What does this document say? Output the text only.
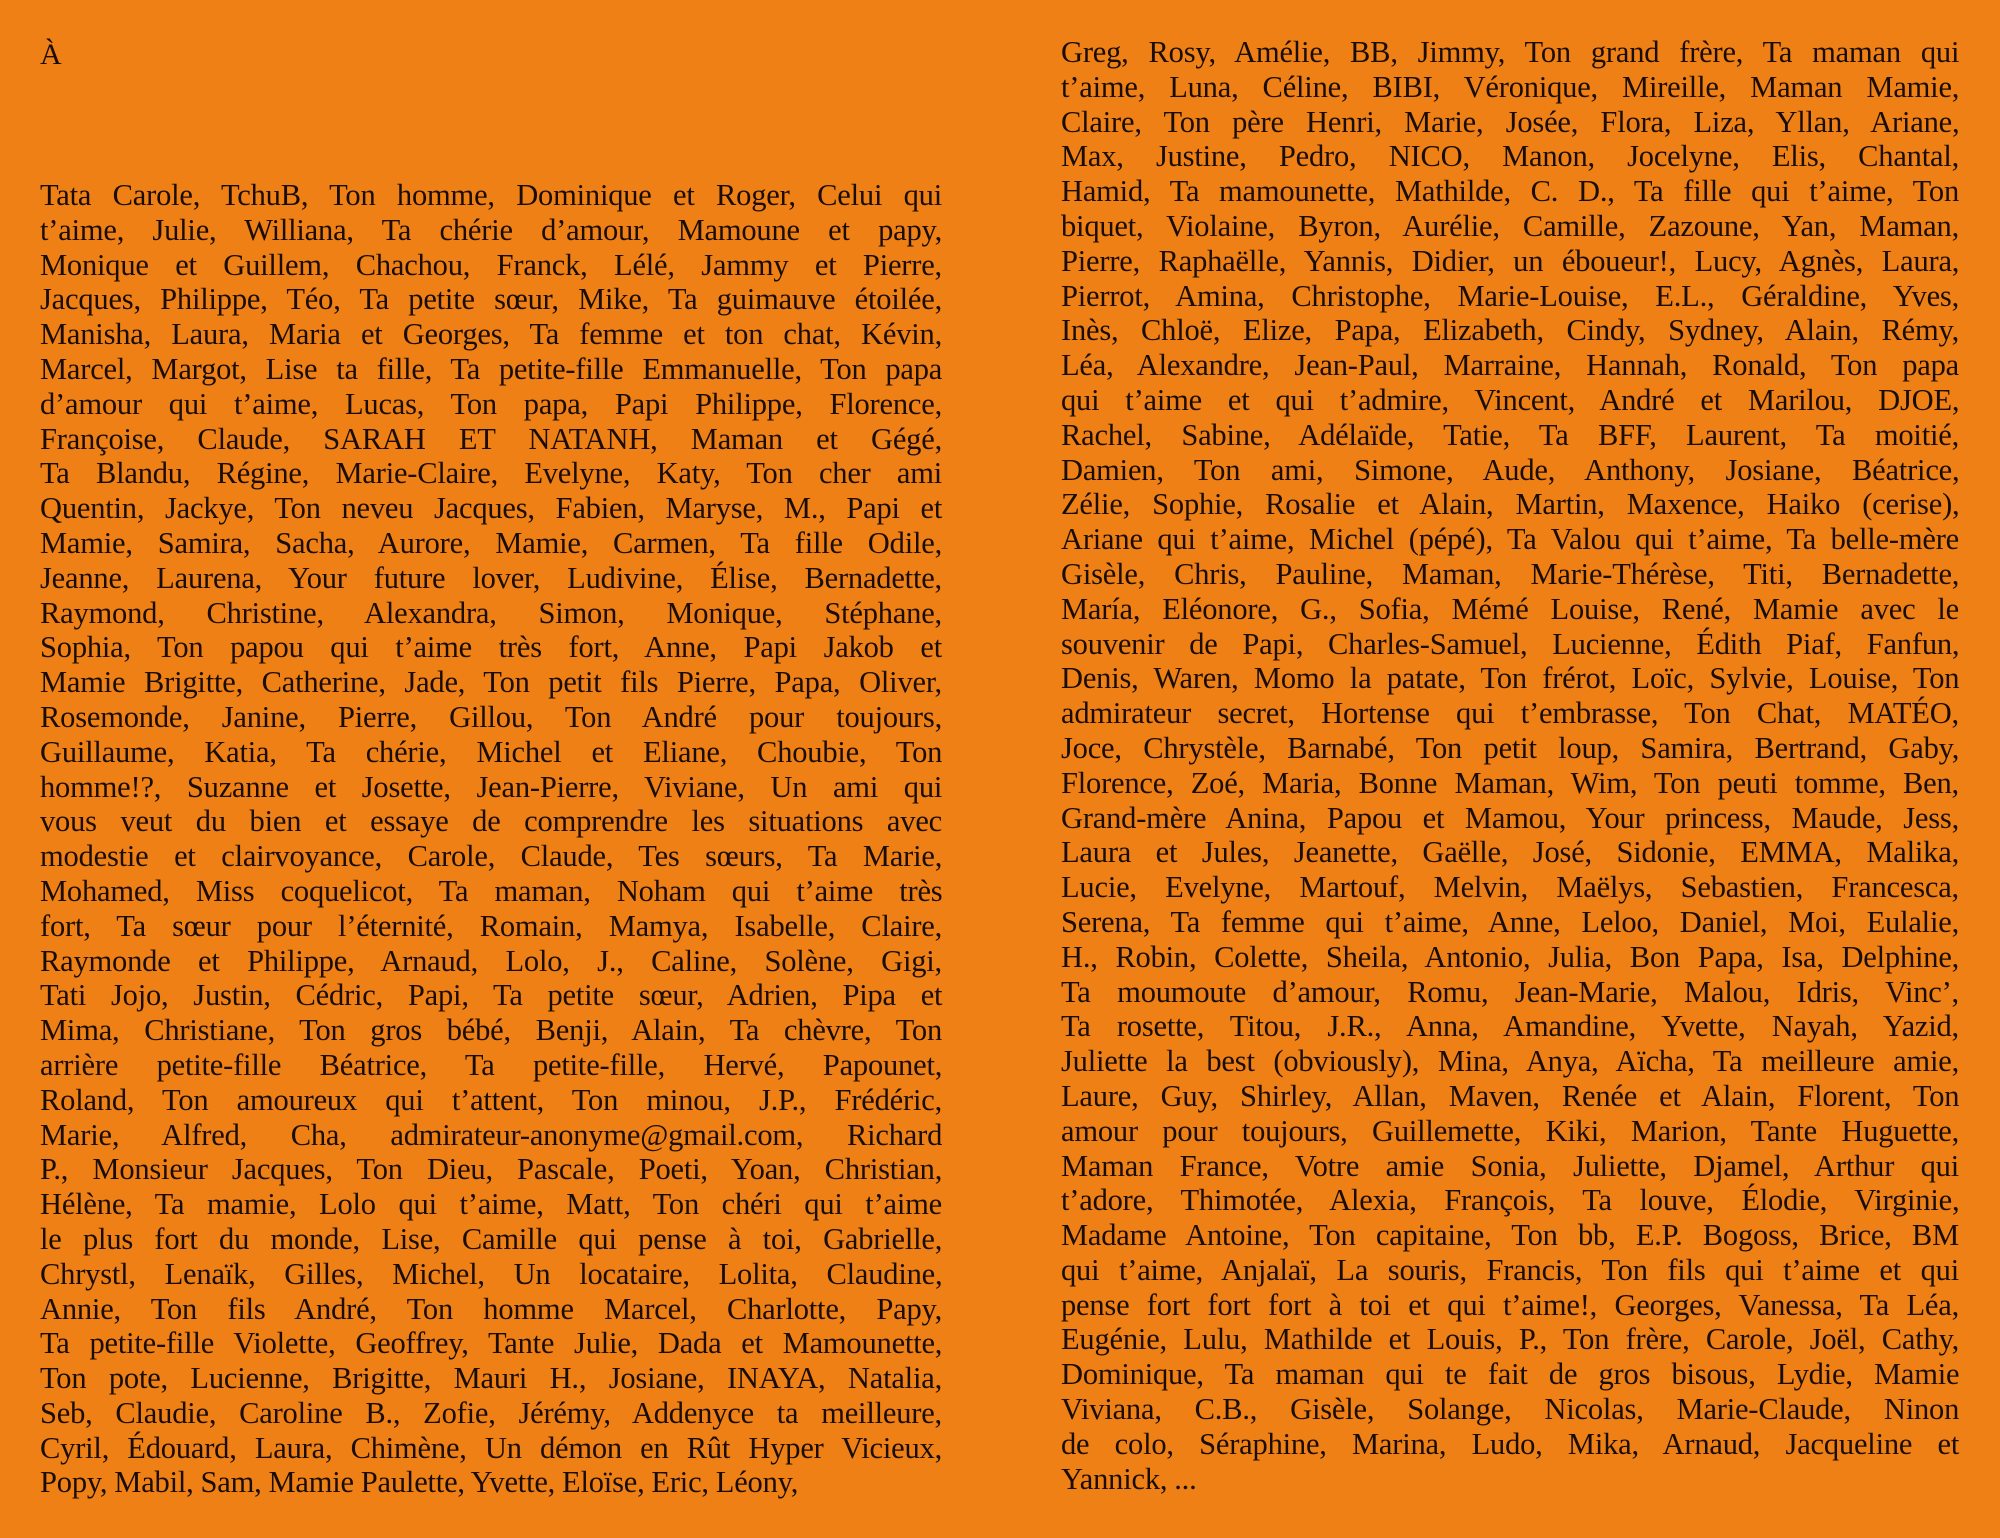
À

Tata Carole, TchuB, Ton homme, Dominique et Roger, Celui qui
t’aime, Julie, Williana, Ta chérie d’amour, Mamoune et papy,
Monique et Guillem, Chachou, Franck, Lélé, Jammy et Pierre,
Jacques, Philippe, Téo, Ta petite sœur, Mike, Ta guimauve étoilée,
Manisha, Laura, Maria et Georges, Ta femme et ton chat, Kévin,
Marcel, Margot, Lise ta fille, Ta petite-fille Emmanuelle, Ton papa
d’amour qui t’aime, Lucas, Ton papa, Papi Philippe, Florence,
Françoise, Claude, SARAH ET NATANH, Maman et Gégé,
Ta Blandu, Régine, Marie-Claire, Evelyne, Katy, Ton cher ami
Quentin, Jackye, Ton neveu Jacques, Fabien, Maryse, M., Papi et
Mamie, Samira, Sacha, Aurore, Mamie, Carmen, Ta fille Odile,
Jeanne, Laurena, Your future lover, Ludivine, Élise, Bernadette,
Raymond, Christine, Alexandra, Simon, Monique, Stéphane,
Sophia, Ton papou qui t’aime très fort, Anne, Papi Jakob et
Mamie Brigitte, Catherine, Jade, Ton petit fils Pierre, Papa, Oliver,
Rosemonde, Janine, Pierre, Gillou, Ton André pour toujours,
Guillaume, Katia, Ta chérie, Michel et Eliane, Choubie, Ton
homme!?, Suzanne et Josette, Jean-Pierre, Viviane, Un ami qui
vous veut du bien et essaye de comprendre les situations avec
modestie et clairvoyance, Carole, Claude, Tes sœurs, Ta Marie,
Mohamed, Miss coquelicot, Ta maman, Noham qui t’aime très
fort, Ta sœur pour l’éternité, Romain, Mamya, Isabelle, Claire,
Raymonde et Philippe, Arnaud, Lolo, J., Caline, Solène, Gigi,
Tati Jojo, Justin, Cédric, Papi, Ta petite sœur, Adrien, Pipa et
Mima, Christiane, Ton gros bébé, Benji, Alain, Ta chèvre, Ton
arrière petite-fille Béatrice, Ta petite-fille, Hervé, Papounet,
Roland, Ton amoureux qui t’attent, Ton minou, J.P., Frédéric,
Marie, Alfred, Cha, admirateur-anonyme@gmail.com, Richard
P., Monsieur Jacques, Ton Dieu, Pascale, Poeti, Yoan, Christian,
Hélène, Ta mamie, Lolo qui t’aime, Matt, Ton chéri qui t’aime
le plus fort du monde, Lise, Camille qui pense à toi, Gabrielle,
Chrystl, Lenaïk, Gilles, Michel, Un locataire, Lolita, Claudine,
Annie, Ton fils André, Ton homme Marcel, Charlotte, Papy,
Ta petite-fille Violette, Geoffrey, Tante Julie, Dada et Mamounette,
Ton pote, Lucienne, Brigitte, Mauri H., Josiane, INAYA, Natalia,
Seb, Claudie, Caroline B., Zofie, Jérémy, Addenyce ta meilleure,
Cyril, Édouard, Laura, Chimène, Un démon en Rût Hyper Vicieux,
Popy, Mabil, Sam, Mamie Paulette, Yvette, Eloïse, Eric, Léony,
Greg, Rosy, Amélie, BB, Jimmy, Ton grand frère, Ta maman qui
t’aime, Luna, Céline, BIBI, Véronique, Mireille, Maman Mamie,
Claire, Ton père Henri, Marie, Josée, Flora, Liza, Yllan, Ariane,
Max, Justine, Pedro, NICO, Manon, Jocelyne, Elis, Chantal,
Hamid, Ta mamounette, Mathilde, C. D., Ta fille qui t’aime, Ton
biquet, Violaine, Byron, Aurélie, Camille, Zazoune, Yan, Maman,
Pierre, Raphaëlle, Yannis, Didier, un éboueur!, Lucy, Agnès, Laura,
Pierrot, Amina, Christophe, Marie-Louise, E.L., Géraldine, Yves,
Inès, Chloë, Elize, Papa, Elizabeth, Cindy, Sydney, Alain, Rémy,
Léa, Alexandre, Jean-Paul, Marraine, Hannah, Ronald, Ton papa
qui t’aime et qui t’admire, Vincent, André et Marilou, DJOE,
Rachel, Sabine, Adélaïde, Tatie, Ta BFF, Laurent, Ta moitié,
Damien, Ton ami, Simone, Aude, Anthony, Josiane, Béatrice,
Zélie, Sophie, Rosalie et Alain, Martin, Maxence, Haiko (cerise),
Ariane qui t’aime, Michel (pépé), Ta Valou qui t’aime, Ta belle-mère
Gisèle, Chris, Pauline, Maman, Marie-Thérèse, Titi, Bernadette,
María, Eléonore, G., Sofia, Mémé Louise, René, Mamie avec le
souvenir de Papi, Charles-Samuel, Lucienne, Édith Piaf, Fanfun,
Denis, Waren, Momo la patate, Ton frérot, Loïc, Sylvie, Louise, Ton
admirateur secret, Hortense qui t’embrasse, Ton Chat, MATÉO,
Joce, Chrystèle, Barnabé, Ton petit loup, Samira, Bertrand, Gaby,
Florence, Zoé, Maria, Bonne Maman, Wim, Ton peuti tomme, Ben,
Grand-mère Anina, Papou et Mamou, Your princess, Maude, Jess,
Laura et Jules, Jeanette, Gaëlle, José, Sidonie, EMMA, Malika,
Lucie, Evelyne, Martouf, Melvin, Maëlys, Sebastien, Francesca,
Serena, Ta femme qui t’aime, Anne, Leloo, Daniel, Moi, Eulalie,
H., Robin, Colette, Sheila, Antonio, Julia, Bon Papa, Isa, Delphine,
Ta moumoute d’amour, Romu, Jean-Marie, Malou, Idris, Vinc’,
Ta rosette, Titou, J.R., Anna, Amandine, Yvette, Nayah, Yazid,
Juliette la best (obviously), Mina, Anya, Aïcha, Ta meilleure amie,
Laure, Guy, Shirley, Allan, Maven, Renée et Alain, Florent, Ton
amour pour toujours, Guillemette, Kiki, Marion, Tante Huguette,
Maman France, Votre amie Sonia, Juliette, Djamel, Arthur qui
t’adore, Thimotée, Alexia, François, Ta louve, Élodie, Virginie,
Madame Antoine, Ton capitaine, Ton bb, E.P. Bogoss, Brice, BM
qui t’aime, Anjalaï, La souris, Francis, Ton fils qui t’aime et qui
pense fort fort fort à toi et qui t’aime!, Georges, Vanessa, Ta Léa,
Eugénie, Lulu, Mathilde et Louis, P., Ton frère, Carole, Joël, Cathy,
Dominique, Ta maman qui te fait de gros bisous, Lydie, Mamie
Viviana, C.B., Gisèle, Solange, Nicolas, Marie-Claude, Ninon
de colo, Séraphine, Marina, Ludo, Mika, Arnaud, Jacqueline et
Yannick, ...
